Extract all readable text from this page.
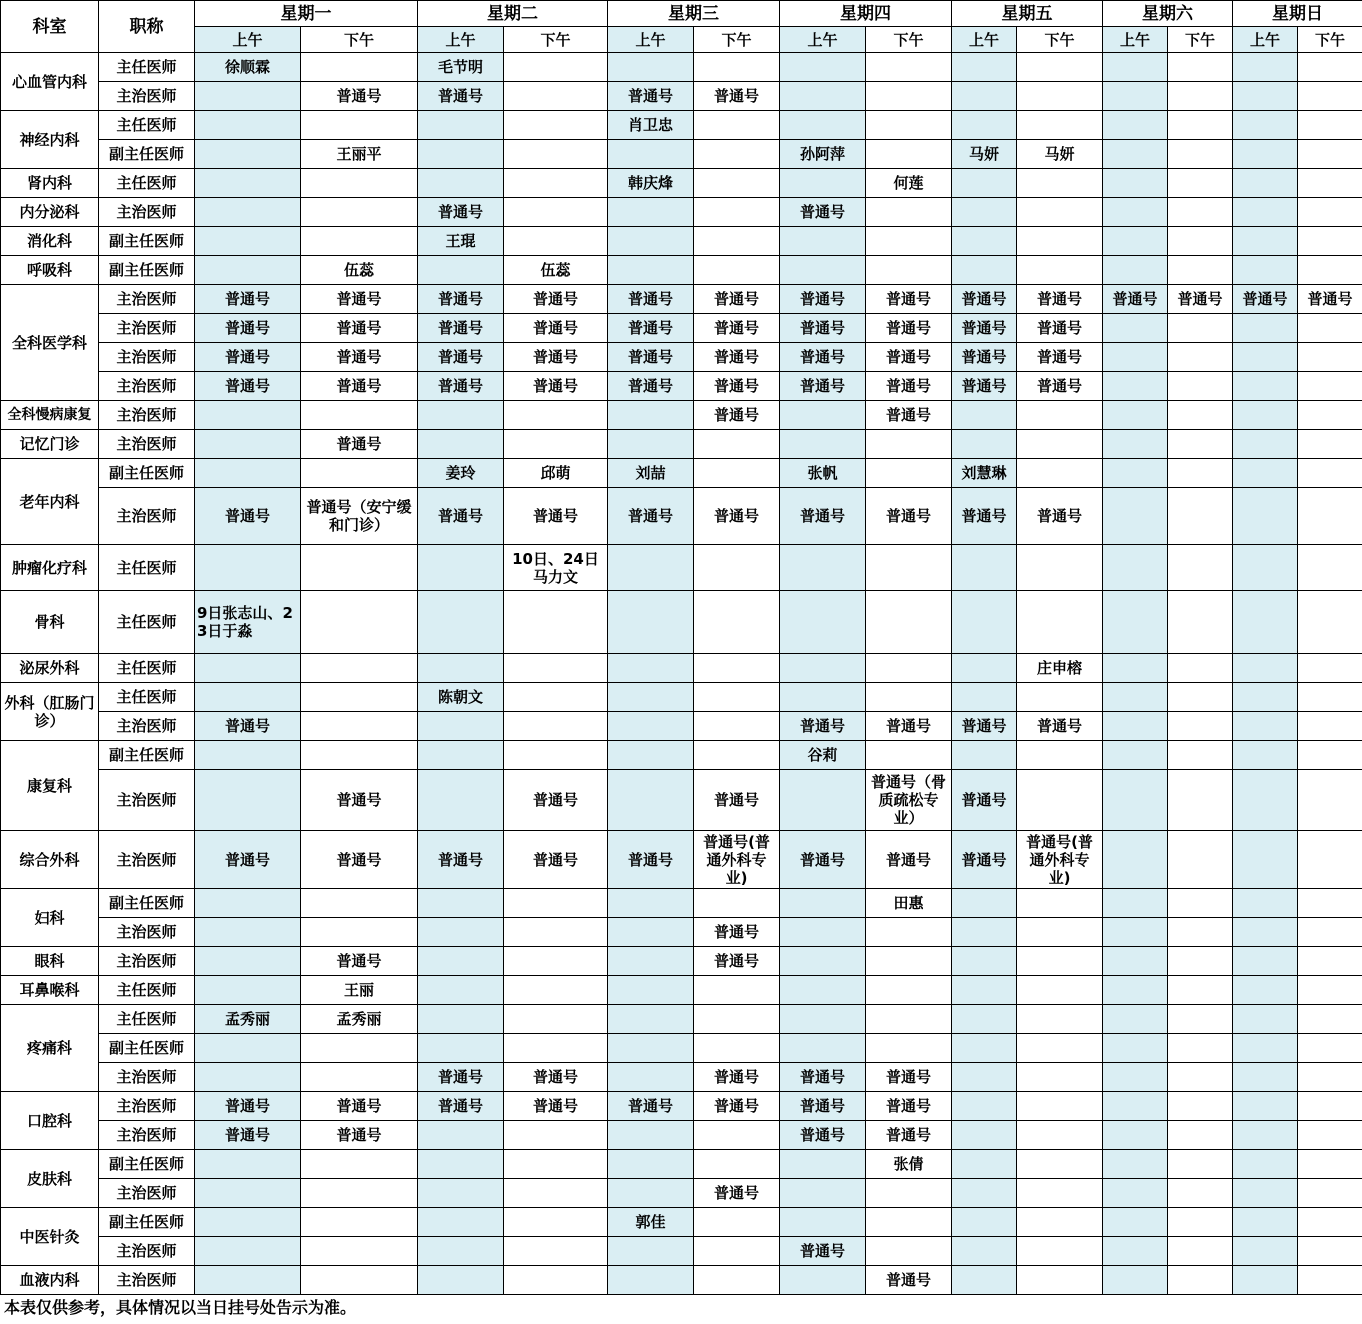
科室	职称	星期一		星期二		星期三		星期四		星期五		星期六		星期日	
		上午	下午	上午	下午	上午	下午	上午	下午	上午	下午	上午	下午	上午	下午
心血管内科	主任医师	徐顺霖		毛节明											
	主治医师		普通号	普通号		普通号	普通号								
神经内科	主任医师					肖卫忠									
	副主任医师		王丽平					孙阿萍		马妍	马妍				
肾内科	主任医师					韩庆烽			何莲						
内分泌科	主治医师			普通号				普通号							
消化科	副主任医师			王琨											
呼吸科	副主任医师		伍蕊		伍蕊										
全科医学科	主治医师	普通号	普通号	普通号	普通号	普通号	普通号	普通号	普通号	普通号	普通号	普通号	普通号	普通号	普通号
	主治医师	普通号	普通号	普通号	普通号	普通号	普通号	普通号	普通号	普通号	普通号				
	主治医师	普通号	普通号	普通号	普通号	普通号	普通号	普通号	普通号	普通号	普通号				
	主治医师	普通号	普通号	普通号	普通号	普通号	普通号	普通号	普通号	普通号	普通号				
全科慢病康复	主治医师						普通号		普通号						
记忆门诊	主治医师		普通号												
老年内科	副主任医师			姜玲	邱萌	刘喆		张帆		刘慧琳					
	主治医师	普通号	普通号（安宁缓和门诊）	普通号	普通号	普通号	普通号	普通号	普通号	普通号	普通号				
肿瘤化疗科	主任医师				10日、24日马力文										
骨科	主任医师	9日张志山、23日于淼													
泌尿外科	主任医师										庄申榕				
外科（肛肠门诊）	主任医师			陈朝文											
	主治医师	普通号						普通号	普通号	普通号	普通号				
康复科	副主任医师							谷莉							
	主治医师		普通号		普通号		普通号		普通号（骨质疏松专业）	普通号					
综合外科	主治医师	普通号	普通号	普通号	普通号	普通号	普通号(普通外科专业)	普通号	普通号	普通号	普通号(普通外科专业)				
妇科	副主任医师								田惠						
	主治医师						普通号								
眼科	主治医师		普通号				普通号								
耳鼻喉科	主任医师		王丽												
疼痛科	主任医师	孟秀丽	孟秀丽												
	副主任医师														
	主治医师			普通号	普通号		普通号	普通号	普通号						
口腔科	主治医师	普通号	普通号	普通号	普通号	普通号	普通号	普通号	普通号						
	主治医师	普通号	普通号					普通号	普通号						
皮肤科	副主任医师								张倩						
	主治医师						普通号								
中医针灸	副主任医师					郭佳									
	主治医师							普通号							
血液内科	主治医师								普通号						
本表仅供参考，具体情况以当日挂号处告示为准。
